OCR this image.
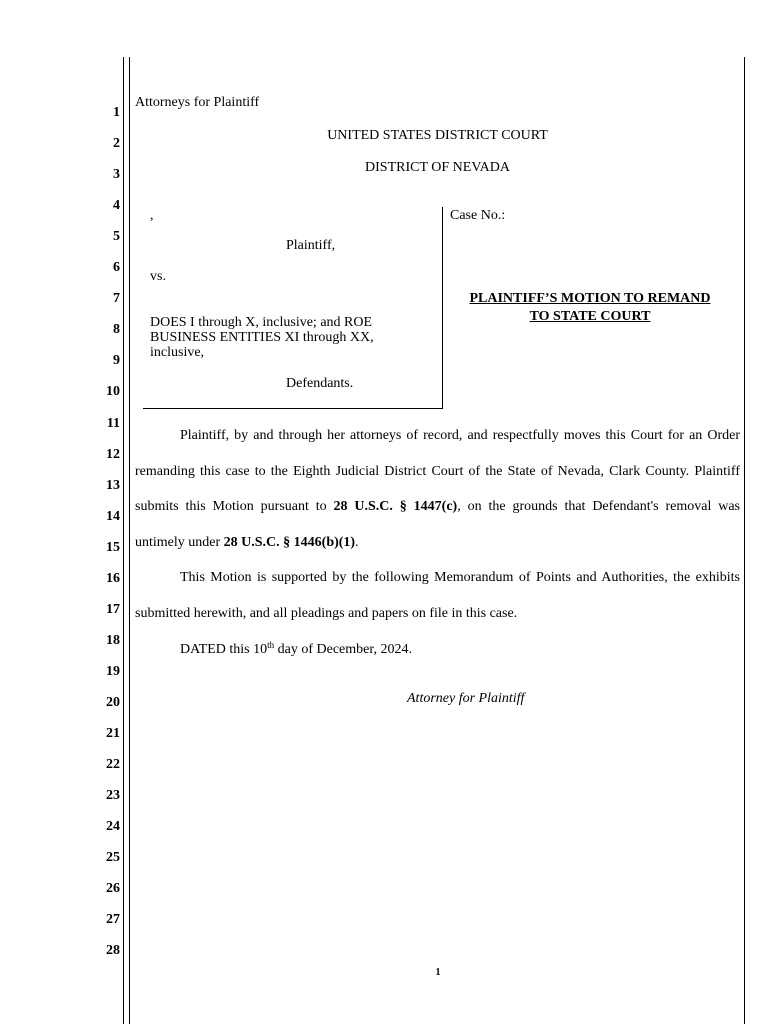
1
2
3
4
5
6
7
8
9
10
11
12
13
14
15
16
17
18
19
20
21
22
23
24
25
26
27
28
Attorneys for Plaintiff
UNITED STATES DISTRICT COURT
DISTRICT OF NEVADA
,
Plaintiff,
vs.
DOES I through X, inclusive; and ROE
BUSINESS ENTITIES XI through XX,
inclusive,
Defendants.
Case No.:
PLAINTIFF’S MOTION TO REMAND
TO STATE COURT
Plaintiff, by and through her attorneys of record, and respectfully moves this Court for an Order remanding this case to the Eighth Judicial District Court of the State of Nevada, Clark County. Plaintiff submits this Motion pursuant to 28 U.S.C. § 1447(c), on the grounds that Defendant's removal was untimely under 28 U.S.C. § 1446(b)(1).
This Motion is supported by the following Memorandum of Points and Authorities, the exhibits submitted herewith, and all pleadings and papers on file in this case.
DATED this 10th day of December, 2024.
Attorney for Plaintiff
1
